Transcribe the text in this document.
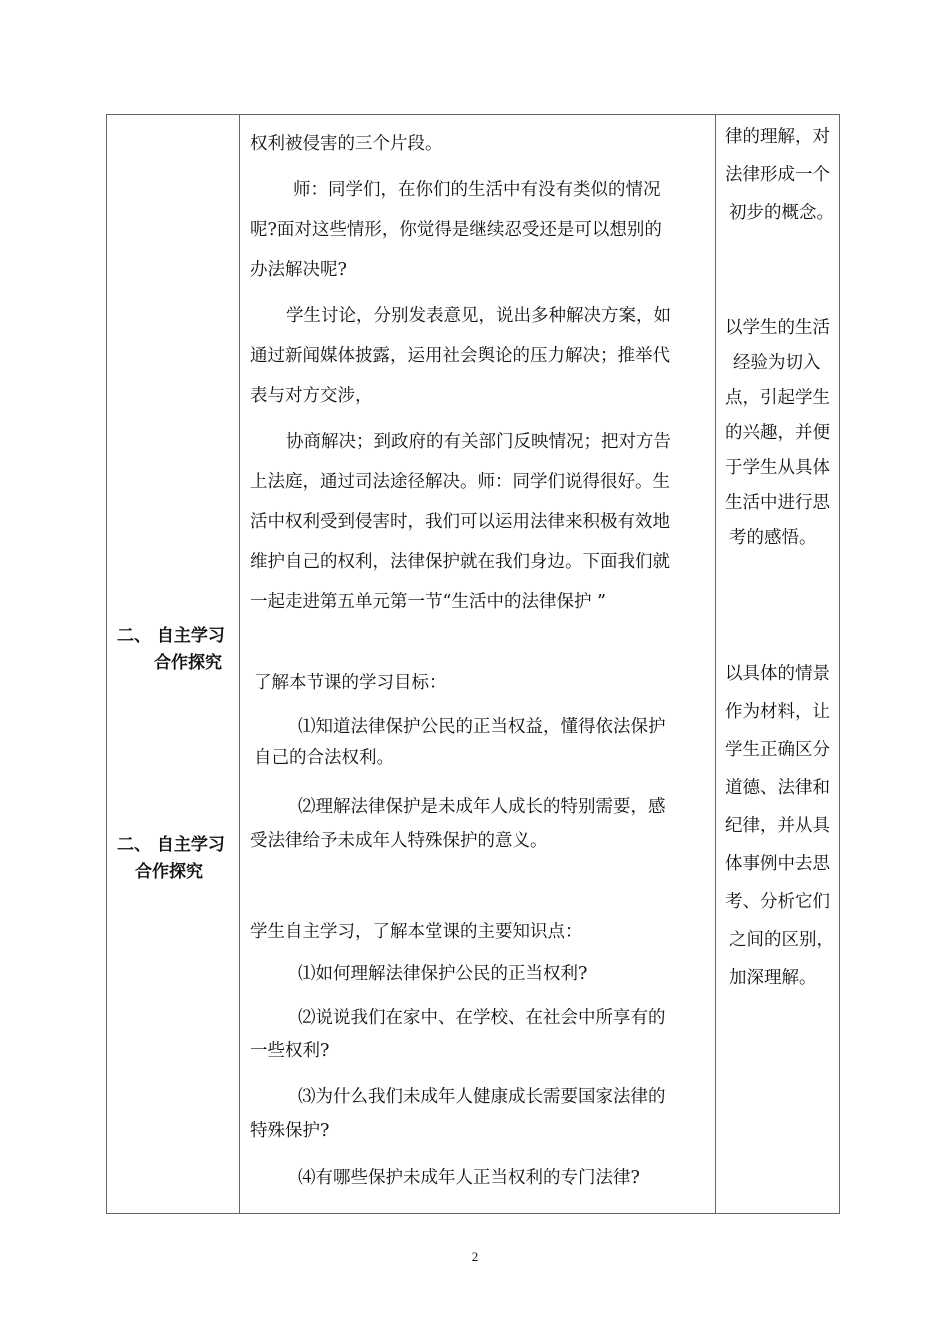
二、 自主学习
合作探究
二、 自主学习
合作探究
权利被侵害的三个片段。
师：同学们，在你们的生活中有没有类似的情况
呢?面对这些情形，你觉得是继续忍受还是可以想别的
办法解决呢?
学生讨论，分别发表意见，说出多种解决方案，如
通过新闻媒体披露，运用社会舆论的压力解决；推举代
表与对方交涉，
协商解决；到政府的有关部门反映情况；把对方告
上法庭，通过司法途径解决。师：同学们说得很好。生
活中权利受到侵害时，我们可以运用法律来积极有效地
维护自己的权利，法律保护就在我们身边。下面我们就
一起走进第五单元第一节“生活中的法律保护 ”
了解本节课的学习目标：
⑴知道法律保护公民的正当权益，懂得依法保护
自己的合法权利。
⑵理解法律保护是未成年人成长的特别需要，感
受法律给予未成年人特殊保护的意义。
学生自主学习，了解本堂课的主要知识点：
⑴如何理解法律保护公民的正当权利?
⑵说说我们在家中、在学校、在社会中所享有的
一些权利?
⑶为什么我们未成年人健康成长需要国家法律的
特殊保护?
⑷有哪些保护未成年人正当权利的专门法律?
律的理解，对
法律形成一个
初步的概念。
以学生的生活
经验为切入
点，引起学生
的兴趣，并便
于学生从具体
生活中进行思
考的感悟。
以具体的情景
作为材料，让
学生正确区分
道德、法律和
纪律，并从具
体事例中去思
考、分析它们
之间的区别，
加深理解。
2
